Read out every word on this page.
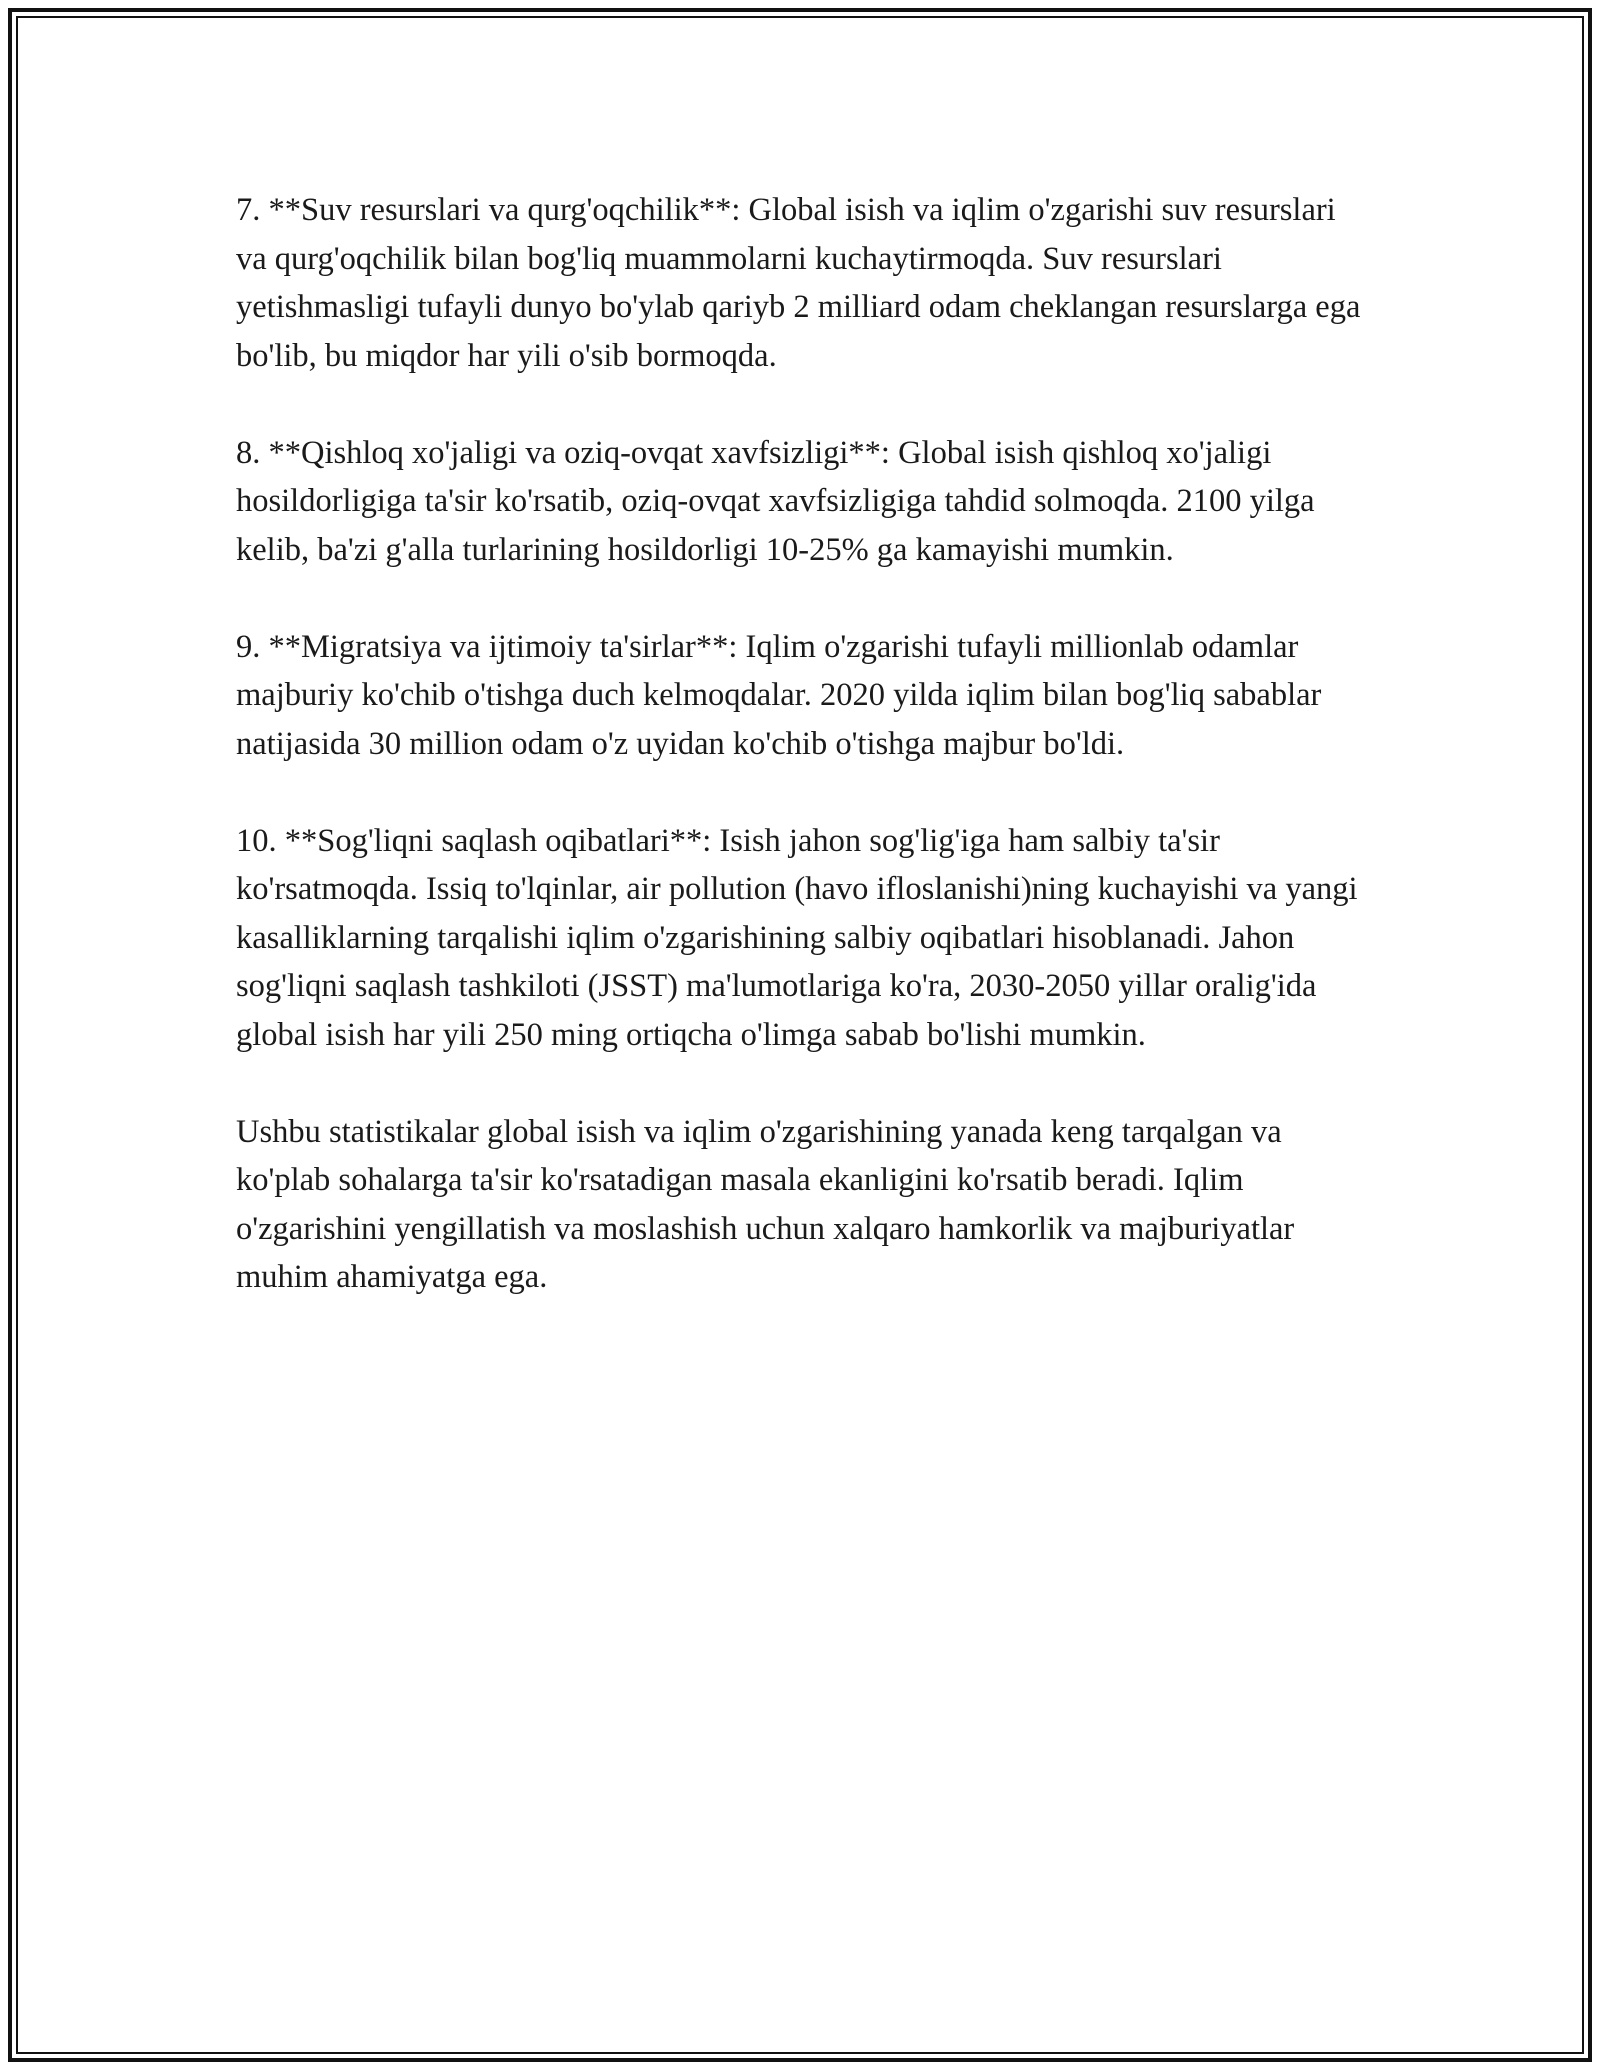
7. **Suv resurslari va qurg'oqchilik**: Global isish va iqlim o'zgarishi suv resurslari va qurg'oqchilik bilan bog'liq muammolarni kuchaytirmoqda. Suv resurslari yetishmasligi tufayli dunyo bo'ylab qariyb 2 milliard odam cheklangan resurslarga ega bo'lib, bu miqdor har yili o'sib bormoqda.

8. **Qishloq xo'jaligi va oziq-ovqat xavfsizligi**: Global isish qishloq xo'jaligi hosildorligiga ta'sir ko'rsatib, oziq-ovqat xavfsizligiga tahdid solmoqda. 2100 yilga kelib, ba'zi g'alla turlarining hosildorligi 10-25% ga kamayishi mumkin.

9. **Migratsiya va ijtimoiy ta'sirlar**: Iqlim o'zgarishi tufayli millionlab odamlar majburiy ko'chib o'tishga duch kelmoqdalar. 2020 yilda iqlim bilan bog'liq sabablar natijasida 30 million odam o'z uyidan ko'chib o'tishga majbur bo'ldi.

10. **Sog'liqni saqlash oqibatlari**: Isish jahon sog'lig'iga ham salbiy ta'sir ko'rsatmoqda. Issiq to'lqinlar, air pollution (havo ifloslanishi)ning kuchayishi va yangi kasalliklarning tarqalishi iqlim o'zgarishining salbiy oqibatlari hisoblanadi. Jahon sog'liqni saqlash tashkiloti (JSST) ma'lumotlariga ko'ra, 2030-2050 yillar oralig'ida global isish har yili 250 ming ortiqcha o'limga sabab bo'lishi mumkin.

Ushbu statistikalar global isish va iqlim o'zgarishining yanada keng tarqalgan va ko'plab sohalarga ta'sir ko'rsatadigan masala ekanligini ko'rsatib beradi. Iqlim o'zgarishini yengillatish va moslashish uchun xalqaro hamkorlik va majburiyatlar muhim ahamiyatga ega.
